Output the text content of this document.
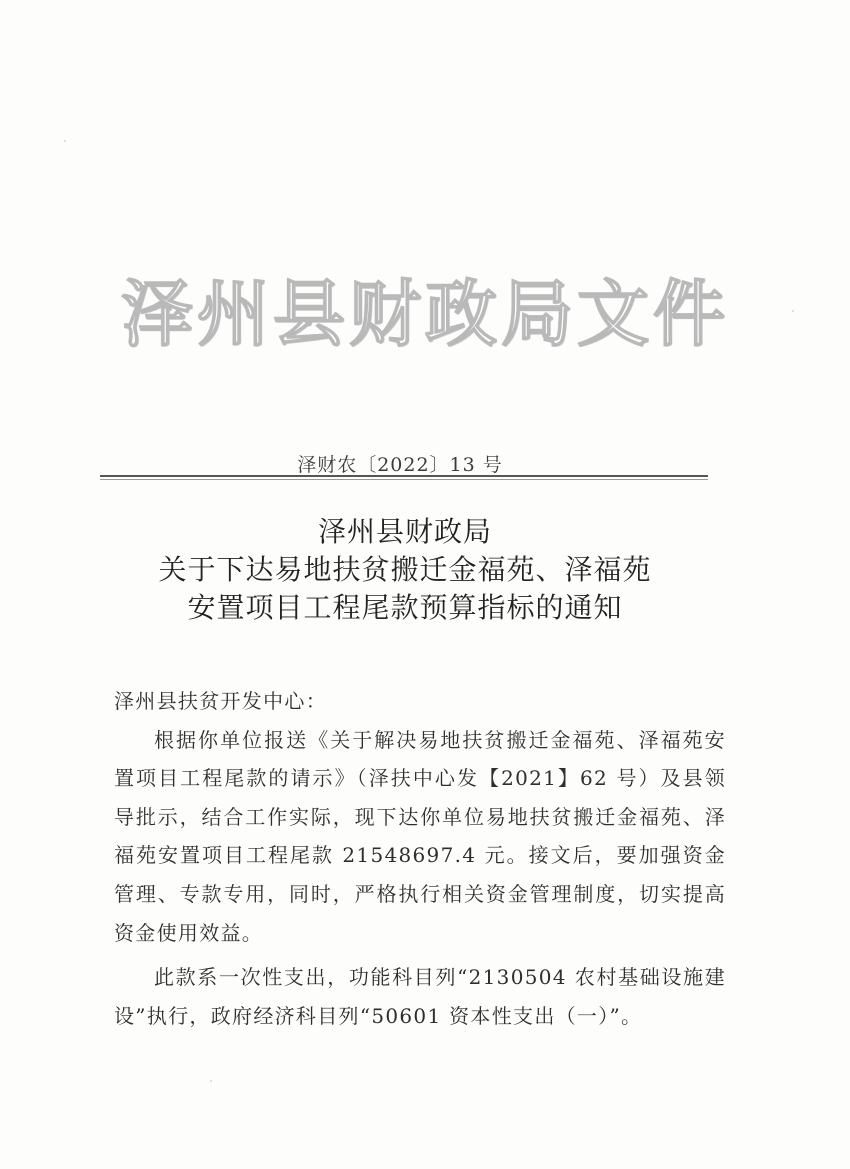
泽州县财政局文件
泽财农〔2022〕13 号
泽州县财政局
关于下达易地扶贫搬迁金福苑、泽福苑
安置项目工程尾款预算指标的通知

泽州县扶贫开发中心：

根据你单位报送《关于解决易地扶贫搬迁金福苑、泽福苑安置项目工程尾款的请示》（泽扶中心发【2021】62 号）及县领导批示，结合工作实际，现下达你单位易地扶贫搬迁金福苑、泽福苑安置项目工程尾款 21548697.4 元。接文后，要加强资金管理、专款专用，同时，严格执行相关资金管理制度，切实提高资金使用效益。

此款系一次性支出，功能科目列“2130504 农村基础设施建设”执行，政府经济科目列“50601 资本性支出（一）”。
